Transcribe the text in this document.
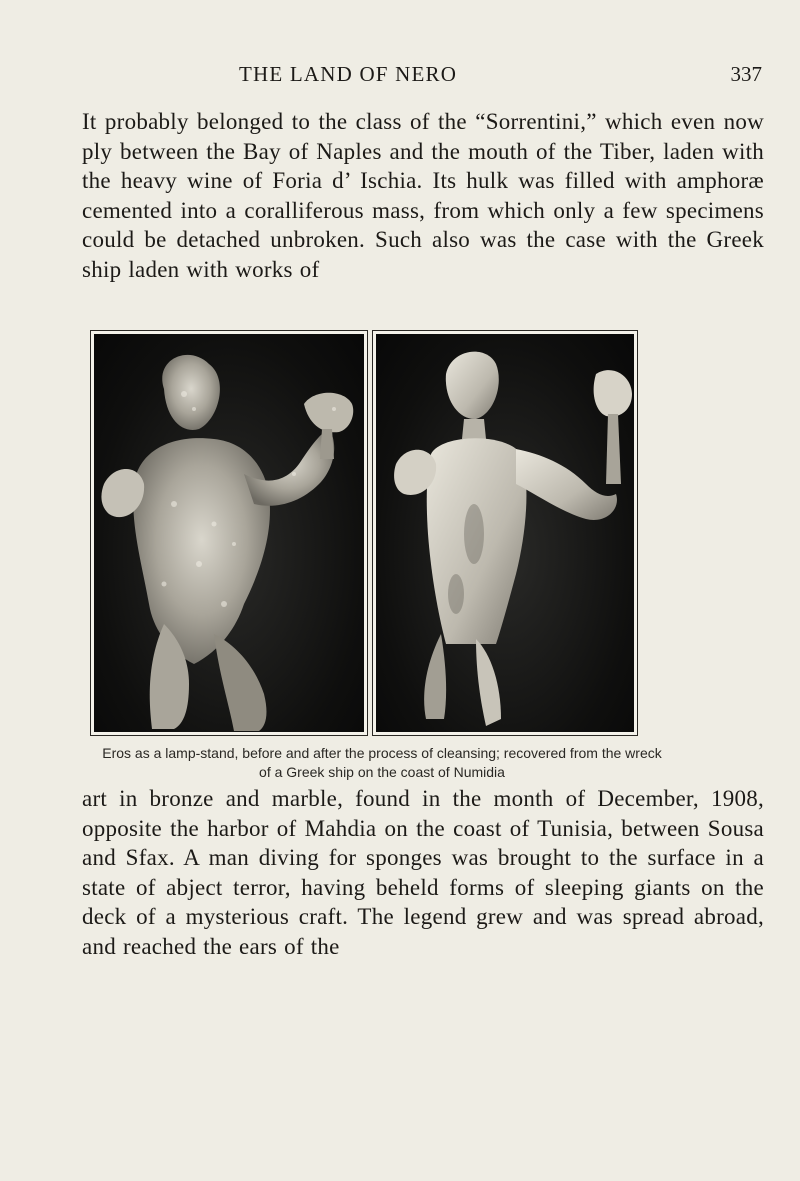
THE LAND OF NERO	337

It probably belonged to the class of the “Sorrentini,” which even now ply between the Bay of Naples and the mouth of the Tiber, laden with the heavy wine of Foria d’ Ischia. Its hulk was filled with amphoræ cemented into a coralliferous mass, from which only a few specimens could be detached unbroken. Such also was the case with the Greek ship laden with works of

Eros as a lamp-stand, before and after the process of cleansing; recovered from the wreck of a Greek ship on the coast of Numidia

art in bronze and marble, found in the month of December, 1908, opposite the harbor of Mahdia on the coast of Tunisia, between Sousa and Sfax. A man diving for sponges was brought to the surface in a state of abject terror, having beheld forms of sleeping giants on the deck of a mysterious craft. The legend grew and was spread abroad, and reached the ears of the
